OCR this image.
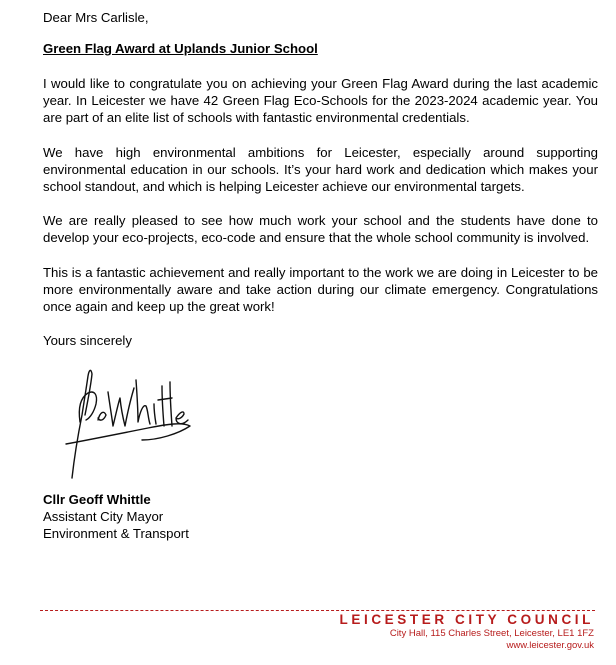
Dear Mrs Carlisle,

Green Flag Award at Uplands Junior School

I would like to congratulate you on achieving your Green Flag Award during the last academic year. In Leicester we have 42 Green Flag Eco-Schools for the 2023-2024 academic year. You are part of an elite list of schools with fantastic environmental credentials.

We have high environmental ambitions for Leicester, especially around supporting environmental education in our schools. It’s your hard work and dedication which makes your school standout, and which is helping Leicester achieve our environmental targets.

We are really pleased to see how much work your school and the students have done to develop your eco-projects, eco-code and ensure that the whole school community is involved.

This is a fantastic achievement and really important to the work we are doing in Leicester to be more environmentally aware and take action during our climate emergency. Congratulations once again and keep up the great work!

Yours sincerely

Cllr Geoff Whittle
Assistant City Mayor
Environment & Transport
LEICESTER CITY COUNCIL
City Hall, 115 Charles Street, Leicester, LE1 1FZ
www.leicester.gov.uk
